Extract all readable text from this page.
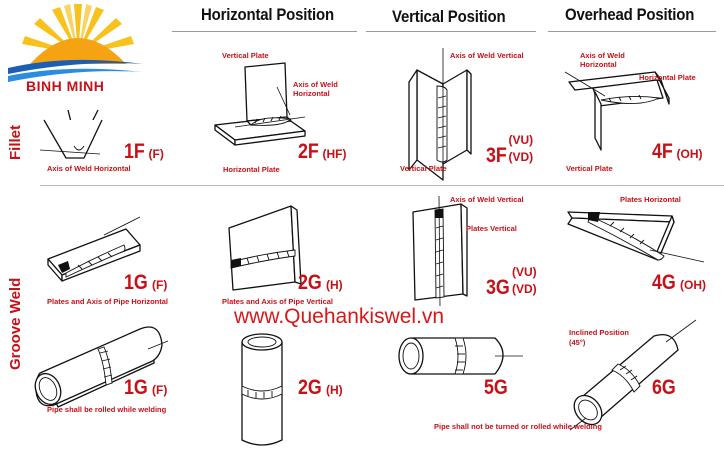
BINH MINH
Horizontal Position	Vertical Position	Overhead Position
Fillet
Groove Weld
Axis of Weld Horizontal
1F (F)
Vertical Plate
Axis of Weld
Horizontal
Horizontal Plate
2F (HF)
Axis of Weld Vertical
Vertical Plate
3F(VU)
(VD)
Axis of Weld
Horizontal
Horizontal Plate
Vertical Plate
4F (OH)
Plates and Axis of Pipe Horizontal
1G (F)
Plates and Axis of Pipe Vertical
2G (H)
Axis of Weld Vertical
Plates Vertical
3G(VU)
(VD)
Plates Horizontal
4G (OH)
www.Quehankiswel.vn
Pipe shall be rolled while welding
1G (F)	2G (H)
Pipe shall not be turned or rolled while welding
5G
Inclined Position
(45°)
6G
